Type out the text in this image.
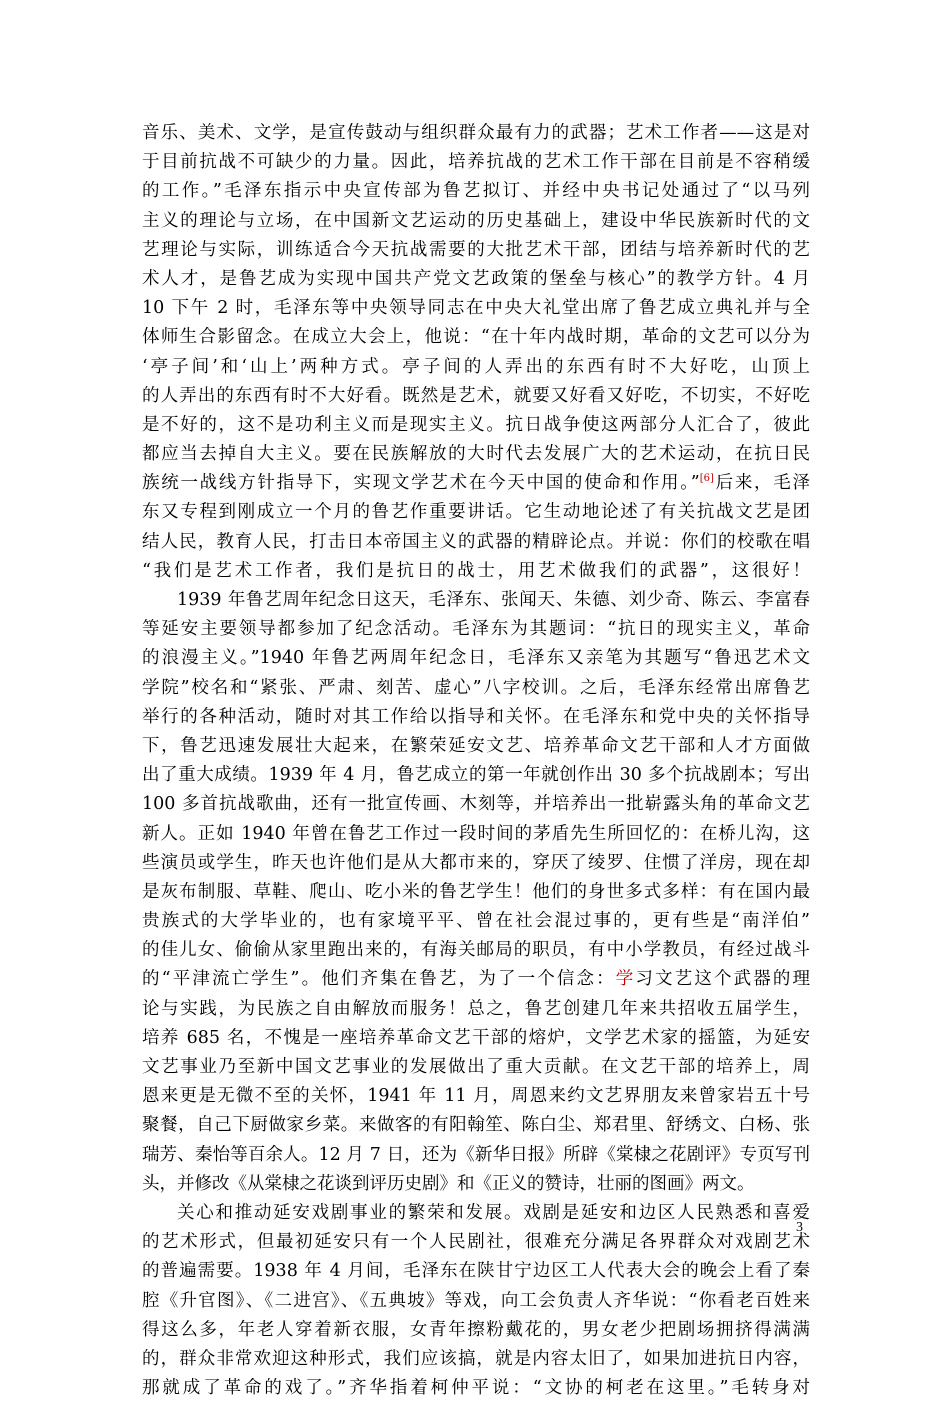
音乐、美术、文学，是宣传鼓动与组织群众最有力的武器；艺术工作者——这是对
于目前抗战不可缺少的力量。因此，培养抗战的艺术工作干部在目前是不容稍缓
的工作。”毛泽东指示中央宣传部为鲁艺拟订、并经中央书记处通过了“以马列
主义的理论与立场，在中国新文艺运动的历史基础上，建设中华民族新时代的文
艺理论与实际，训练适合今天抗战需要的大批艺术干部，团结与培养新时代的艺
术人才，是鲁艺成为实现中国共产党文艺政策的堡垒与核心”的教学方针。4 月
10 下午 2 时，毛泽东等中央领导同志在中央大礼堂出席了鲁艺成立典礼并与全
体师生合影留念。在成立大会上，他说：“在十年内战时期，革命的文艺可以分为
‘亭子间’和‘山上’两种方式。亭子间的人弄出的东西有时不大好吃，山顶上
的人弄出的东西有时不大好看。既然是艺术，就要又好看又好吃，不切实，不好吃
是不好的，这不是功利主义而是现实主义。抗日战争使这两部分人汇合了，彼此
都应当去掉自大主义。要在民族解放的大时代去发展广大的艺术运动，在抗日民
族统一战线方针指导下，实现文学艺术在今天中国的使命和作用。”[6]后来，毛泽
东又专程到刚成立一个月的鲁艺作重要讲话。它生动地论述了有关抗战文艺是团
结人民，教育人民，打击日本帝国主义的武器的精辟论点。并说：你们的校歌在唱
“我们是艺术工作者，我们是抗日的战士，用艺术做我们的武器”，这很好！
1939 年鲁艺周年纪念日这天，毛泽东、张闻天、朱德、刘少奇、陈云、李富春
等延安主要领导都参加了纪念活动。毛泽东为其题词：“抗日的现实主义，革命
的浪漫主义。”1940 年鲁艺两周年纪念日，毛泽东又亲笔为其题写“鲁迅艺术文
学院”校名和“紧张、严肃、刻苦、虚心”八字校训。之后，毛泽东经常出席鲁艺
举行的各种活动，随时对其工作给以指导和关怀。在毛泽东和党中央的关怀指导
下，鲁艺迅速发展壮大起来，在繁荣延安文艺、培养革命文艺干部和人才方面做
出了重大成绩。1939 年 4 月，鲁艺成立的第一年就创作出 30 多个抗战剧本；写出
100 多首抗战歌曲，还有一批宣传画、木刻等，并培养出一批崭露头角的革命文艺
新人。正如 1940 年曾在鲁艺工作过一段时间的茅盾先生所回忆的：在桥儿沟，这
些演员或学生，昨天也许他们是从大都市来的，穿厌了绫罗、住惯了洋房，现在却
是灰布制服、草鞋、爬山、吃小米的鲁艺学生！他们的身世多式多样：有在国内最
贵族式的大学毕业的，也有家境平平、曾在社会混过事的，更有些是“南洋伯”
的佳儿女、偷偷从家里跑出来的，有海关邮局的职员，有中小学教员，有经过战斗
的“平津流亡学生”。他们齐集在鲁艺，为了一个信念：学习文艺这个武器的理
论与实践，为民族之自由解放而服务！总之，鲁艺创建几年来共招收五届学生，
培养 685 名，不愧是一座培养革命文艺干部的熔炉，文学艺术家的摇篮，为延安
文艺事业乃至新中国文艺事业的发展做出了重大贡献。在文艺干部的培养上，周
恩来更是无微不至的关怀，1941 年 11 月，周恩来约文艺界朋友来曾家岩五十号
聚餐，自己下厨做家乡菜。来做客的有阳翰笙、陈白尘、郑君里、舒绣文、白杨、张
瑞芳、秦怡等百余人。12 月 7 日，还为《新华日报》所辟《棠棣之花剧评》专页写刊
头，并修改《从棠棣之花谈到评历史剧》和《正义的赞诗，壮丽的图画》两文。
关心和推动延安戏剧事业的繁荣和发展。戏剧是延安和边区人民熟悉和喜爱
的艺术形式，但最初延安只有一个人民剧社，很难充分满足各界群众对戏剧艺术
的普遍需要。1938 年 4 月间，毛泽东在陕甘宁边区工人代表大会的晚会上看了秦
腔《升官图》、《二进宫》、《五典坡》等戏，向工会负责人齐华说：“你看老百姓来
得这么多，年老人穿着新衣服，女青年擦粉戴花的，男女老少把剧场拥挤得满满
的，群众非常欢迎这种形式，我们应该搞，就是内容太旧了，如果加进抗日内容，
那就成了革命的戏了。”齐华指着柯仲平说：“文协的柯老在这里。”毛转身对
3
